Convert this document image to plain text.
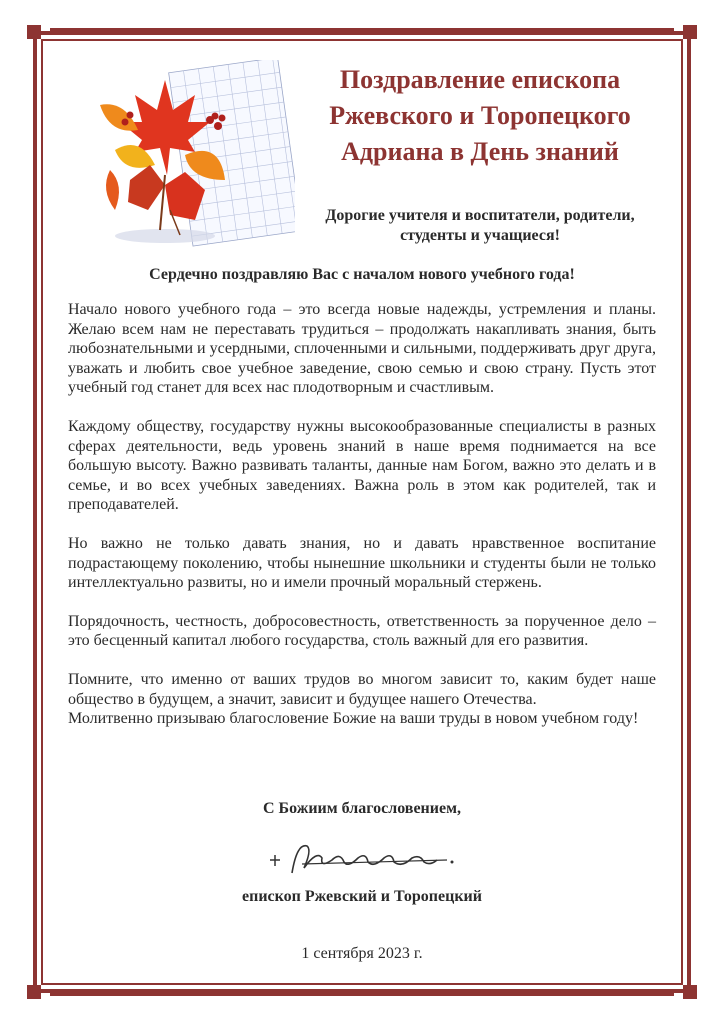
Поздравление епископа
Ржевского и Торопецкого
Адриана в День знаний
Дорогие учителя и воспитатели, родители,
студенты и учащиеся!
Сердечно поздравляю Вас с началом нового учебного года!

Начало нового учебного года – это всегда новые надежды, устремления и планы. Желаю всем нам не переставать трудиться – продолжать накапливать знания, быть любознательными и усердными, сплоченными и сильными, поддерживать друг друга, уважать и любить свое учебное заведение, свою семью и свою страну. Пусть этот учебный год станет для всех нас плодотворным и счастливым.

Каждому обществу, государству нужны высокообразованные специалисты в разных сферах деятельности, ведь уровень знаний в наше время поднимается на все большую высоту. Важно развивать таланты, данные нам Богом, важно это делать и в семье, и во всех учебных заведениях. Важна роль в этом как родителей, так и преподавателей.

Но важно не только давать знания, но и давать нравственное воспитание подрастающему поколению, чтобы нынешние школьники и студенты были не только интеллектуально развиты, но и имели прочный моральный стержень.

Порядочность, честность, добросовестность, ответственность за порученное дело – это бесценный капитал любого государства, столь важный для его развития.

Помните, что именно от ваших трудов во многом зависит то, каким будет наше общество в будущем, а значит, зависит и будущее нашего Отечества.

Молитвенно призываю благословение Божие на ваши труды в новом учебном году!

С Божиим благословением,
епископ Ржевский и Торопецкий
1 сентября 2023 г.
